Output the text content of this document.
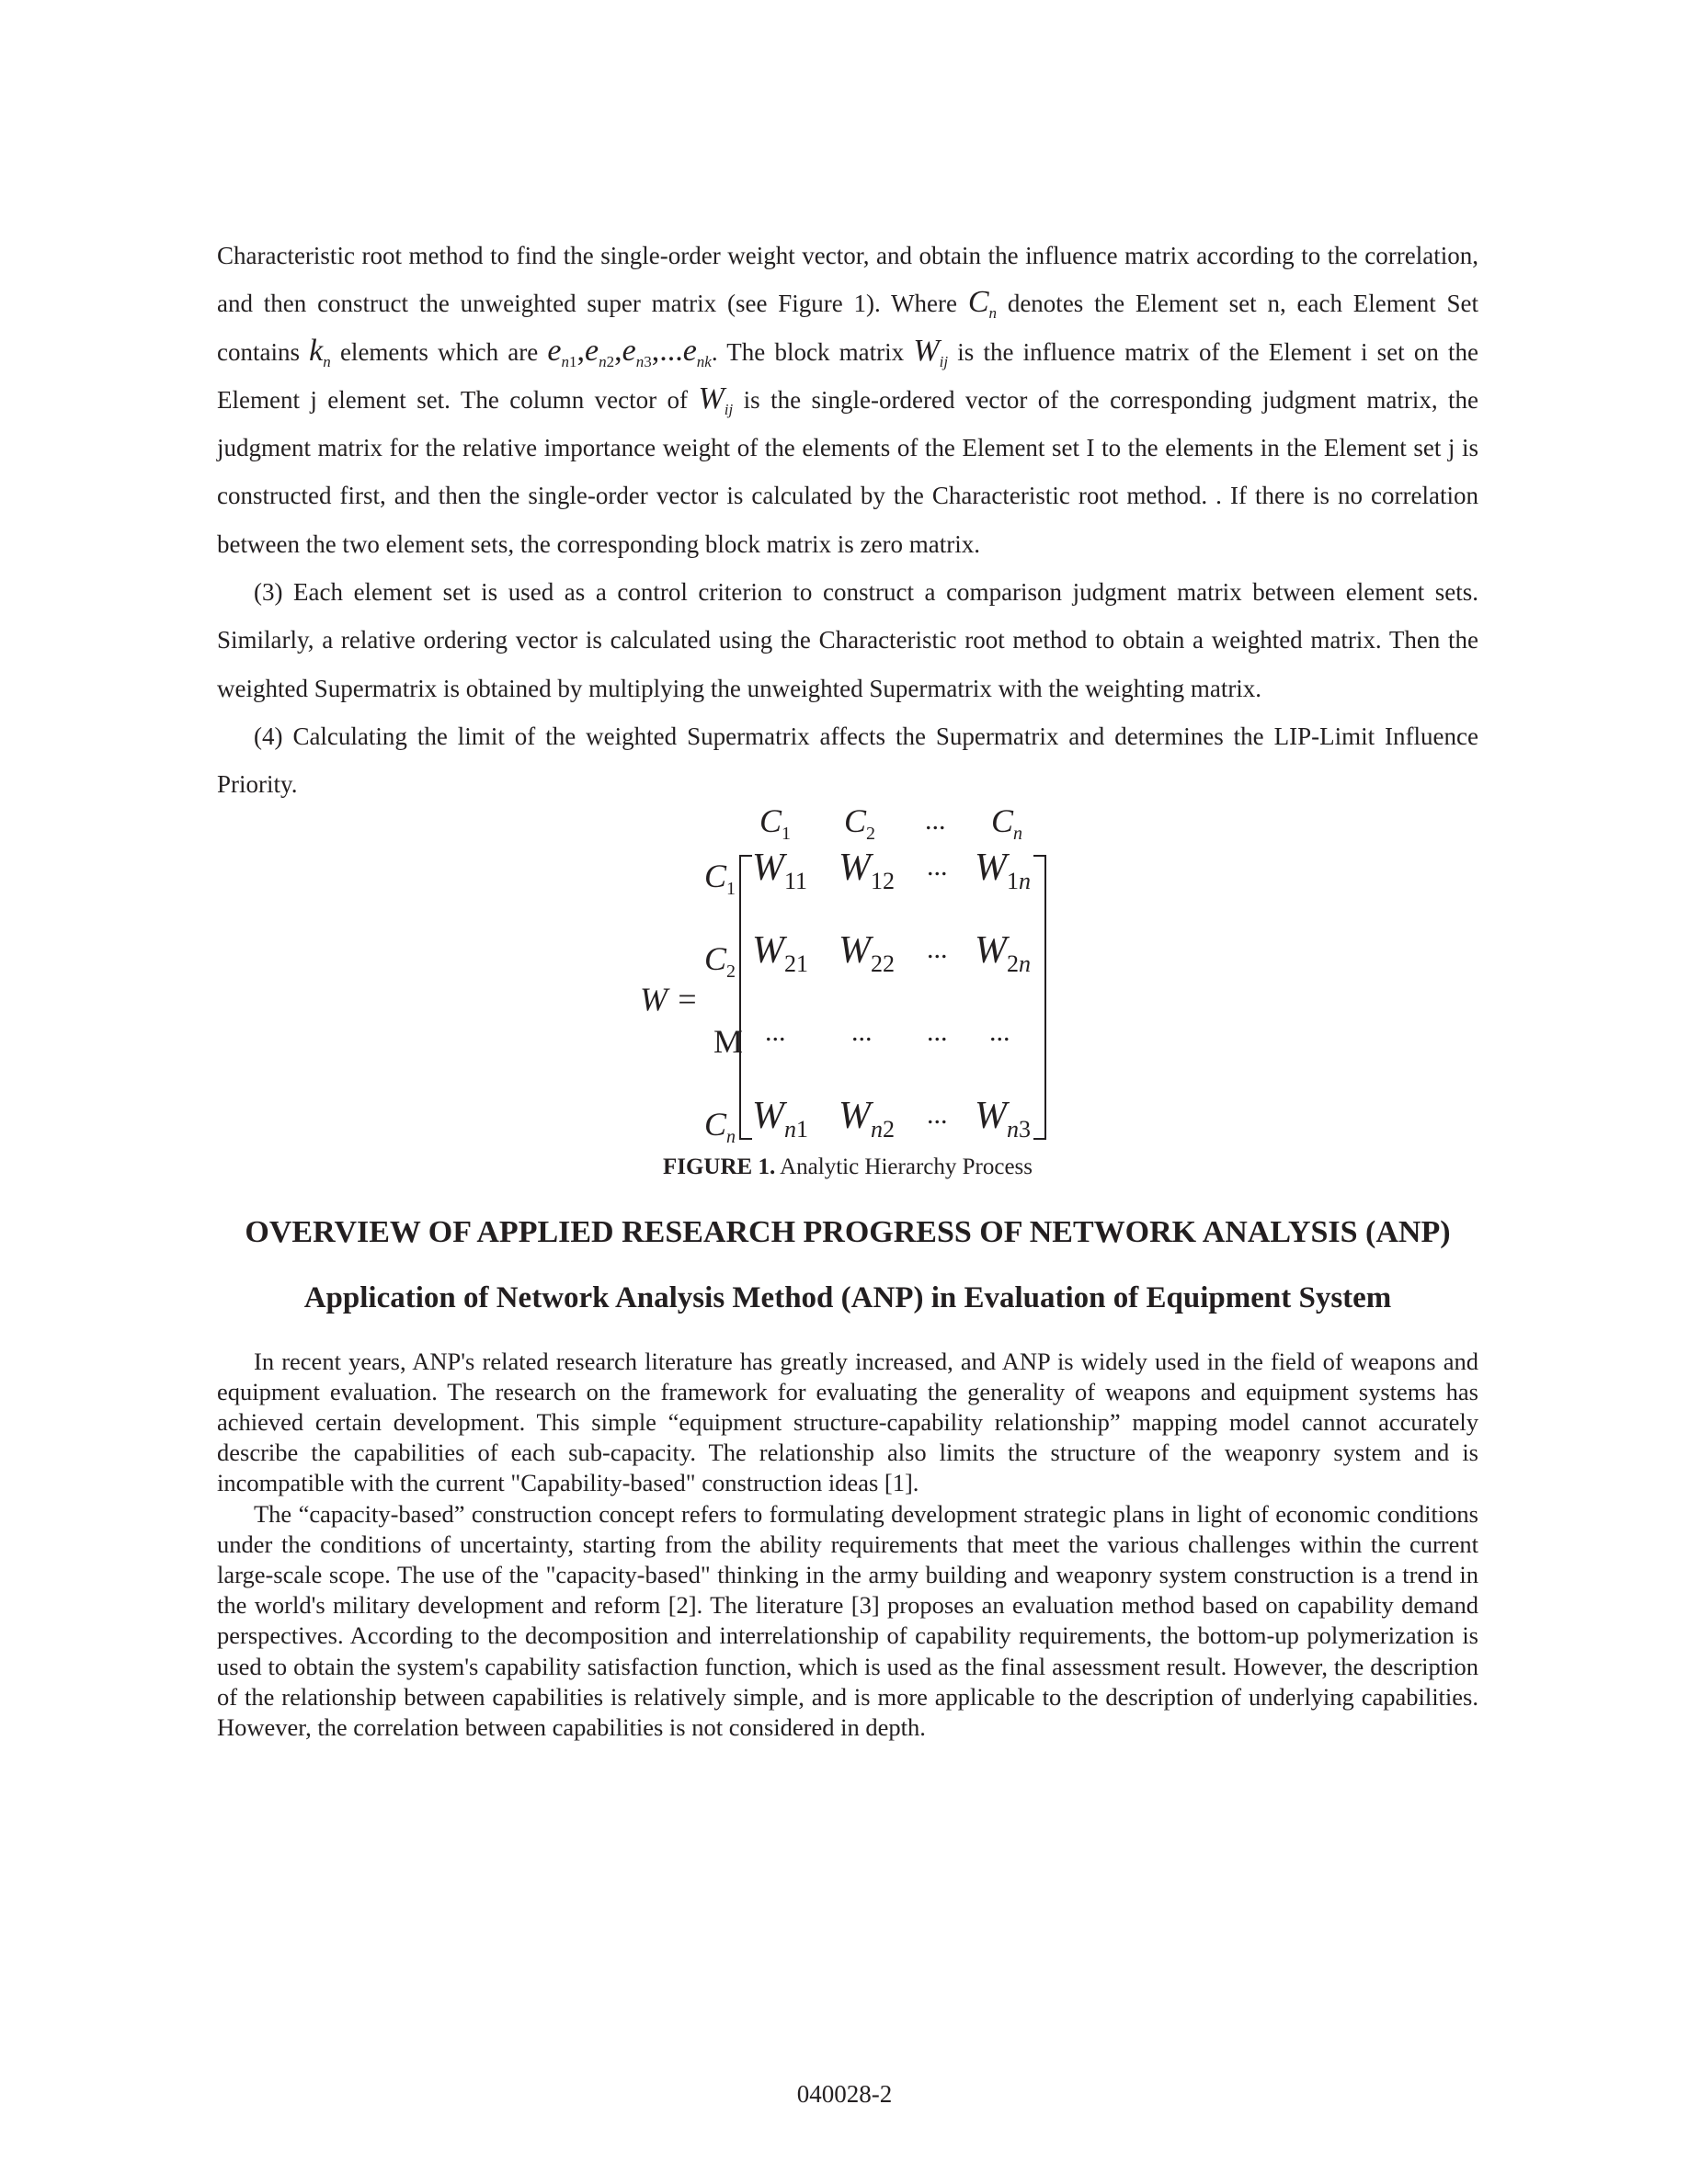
Characteristic root method to find the single-order weight vector, and obtain the influence matrix according to the correlation, and then construct the unweighted super matrix (see Figure 1). Where $C_n$ denotes the Element set n, each Element Set contains $k_n$ elements which are $e_{n1},e_{n2},e_{n3},...e_{nk}$. The block matrix $W_{ij}$ is the influence matrix of the Element i set on the Element j element set. The column vector of $W_{ij}$ is the single-ordered vector of the corresponding judgment matrix, the judgment matrix for the relative importance weight of the elements of the Element set I to the elements in the Element set j is constructed first, and then the single-order vector is calculated by the Characteristic root method. . If there is no correlation between the two element sets, the corresponding block matrix is zero matrix.

(3) Each element set is used as a control criterion to construct a comparison judgment matrix between element sets. Similarly, a relative ordering vector is calculated using the Characteristic root method to obtain a weighted matrix. Then the weighted Supermatrix is obtained by multiplying the unweighted Supermatrix with the weighting matrix.

(4) Calculating the limit of the weighted Supermatrix affects the Supermatrix and determines the LIP-Limit Influence Priority.

$C_1$ $C_2$ ... $C_n$
$C_1$
$C_2$
M
$C_n$
W =
$W_{11}$ $W_{12}$ ... $W_{1n}$
$W_{21}$ $W_{22}$ ... $W_{2n}$
... ... ... ...
$W_{n1}$ $W_{n2}$ ... $W_{n3}$

FIGURE 1. Analytic Hierarchy Process

OVERVIEW OF APPLIED RESEARCH PROGRESS OF NETWORK ANALYSIS (ANP)
Application of Network Analysis Method (ANP) in Evaluation of Equipment System

In recent years, ANP's related research literature has greatly increased, and ANP is widely used in the field of weapons and equipment evaluation. The research on the framework for evaluating the generality of weapons and equipment systems has achieved certain development. This simple “equipment structure-capability relationship” mapping model cannot accurately describe the capabilities of each sub-capacity. The relationship also limits the structure of the weaponry system and is incompatible with the current "Capability-based" construction ideas [1].

The “capacity-based” construction concept refers to formulating development strategic plans in light of economic conditions under the conditions of uncertainty, starting from the ability requirements that meet the various challenges within the current large-scale scope. The use of the "capacity-based" thinking in the army building and weaponry system construction is a trend in the world's military development and reform [2]. The literature [3] proposes an evaluation method based on capability demand perspectives. According to the decomposition and interrelationship of capability requirements, the bottom-up polymerization is used to obtain the system's capability satisfaction function, which is used as the final assessment result. However, the description of the relationship between capabilities is relatively simple, and is more applicable to the description of underlying capabilities. However, the correlation between capabilities is not considered in depth.

040028-2
